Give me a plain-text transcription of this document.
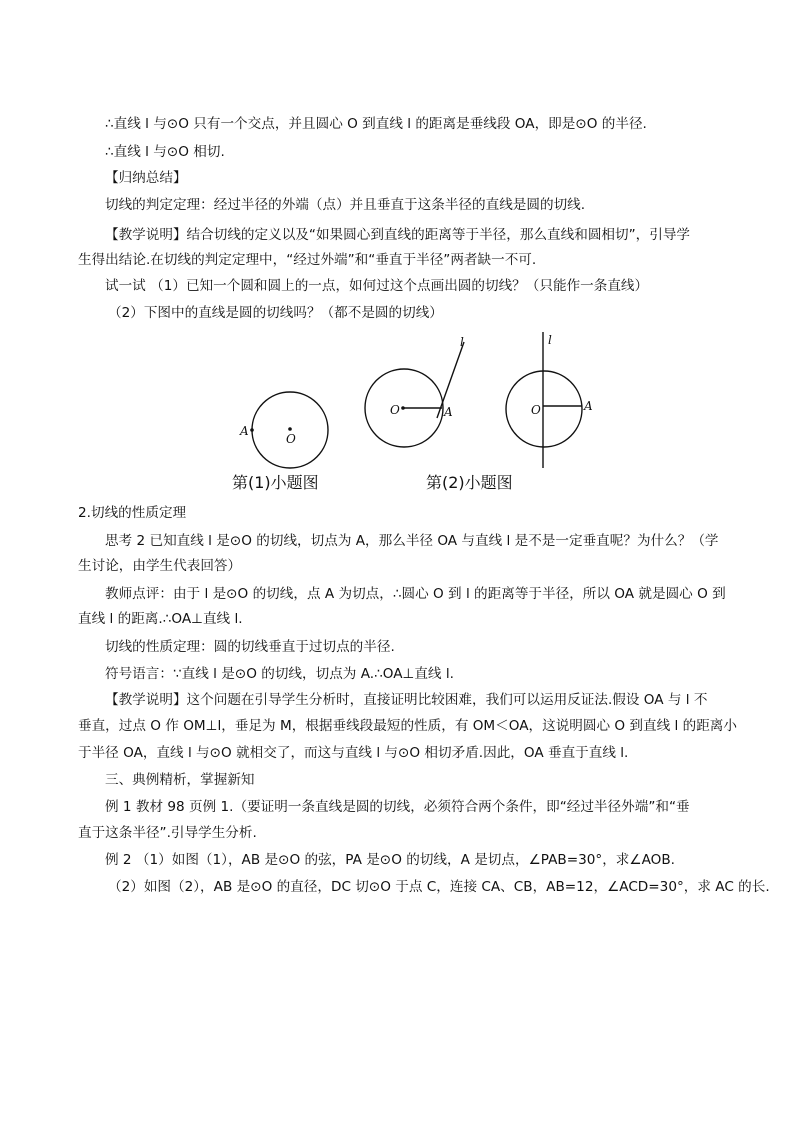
∴直线 l 与⊙O 只有一个交点，并且圆心 O 到直线 l 的距离是垂线段 OA，即是⊙O 的半径.
∴直线 l 与⊙O 相切.
【归纳总结】
切线的判定定理：经过半径的外端（点）并且垂直于这条半径的直线是圆的切线.
【教学说明】结合切线的定义以及“如果圆心到直线的距离等于半径，那么直线和圆相切”，引导学
生得出结论.在切线的判定定理中，“经过外端”和“垂直于半径”两者缺一不可.
试一试 （1）已知一个圆和圆上的一点，如何过这个点画出圆的切线？（只能作一条直线）
（2）下图中的直线是圆的切线吗？（都不是圆的切线）
A
O
O	A
l
O	A
l
第(1)小题图	第(2)小题图
2.切线的性质定理
思考 2 已知直线 l 是⊙O 的切线，切点为 A，那么半径 OA 与直线 l 是不是一定垂直呢？为什么？（学
生讨论，由学生代表回答）
教师点评：由于 l 是⊙O 的切线，点 A 为切点，∴圆心 O 到 l 的距离等于半径，所以 OA 就是圆心 O 到
直线 l 的距离.∴OA⊥直线 l.
切线的性质定理：圆的切线垂直于过切点的半径.
符号语言：∵直线 l 是⊙O 的切线，切点为 A.∴OA⊥直线 l.
【教学说明】这个问题在引导学生分析时，直接证明比较困难，我们可以运用反证法.假设 OA 与 l 不
垂直，过点 O 作 OM⊥l，垂足为 M，根据垂线段最短的性质，有 OM＜OA，这说明圆心 O 到直线 l 的距离小
于半径 OA，直线 l 与⊙O 就相交了，而这与直线 l 与⊙O 相切矛盾.因此，OA 垂直于直线 l.
三、典例精析，掌握新知
例 1 教材 98 页例 1.（要证明一条直线是圆的切线，必须符合两个条件，即“经过半径外端”和“垂
直于这条半径”.引导学生分析.
例 2 （1）如图（1），AB 是⊙O 的弦，PA 是⊙O 的切线，A 是切点，∠PAB=30°，求∠AOB.
（2）如图（2），AB 是⊙O 的直径，DC 切⊙O 于点 C，连接 CA、CB，AB=12，∠ACD=30°，求 AC 的长.
